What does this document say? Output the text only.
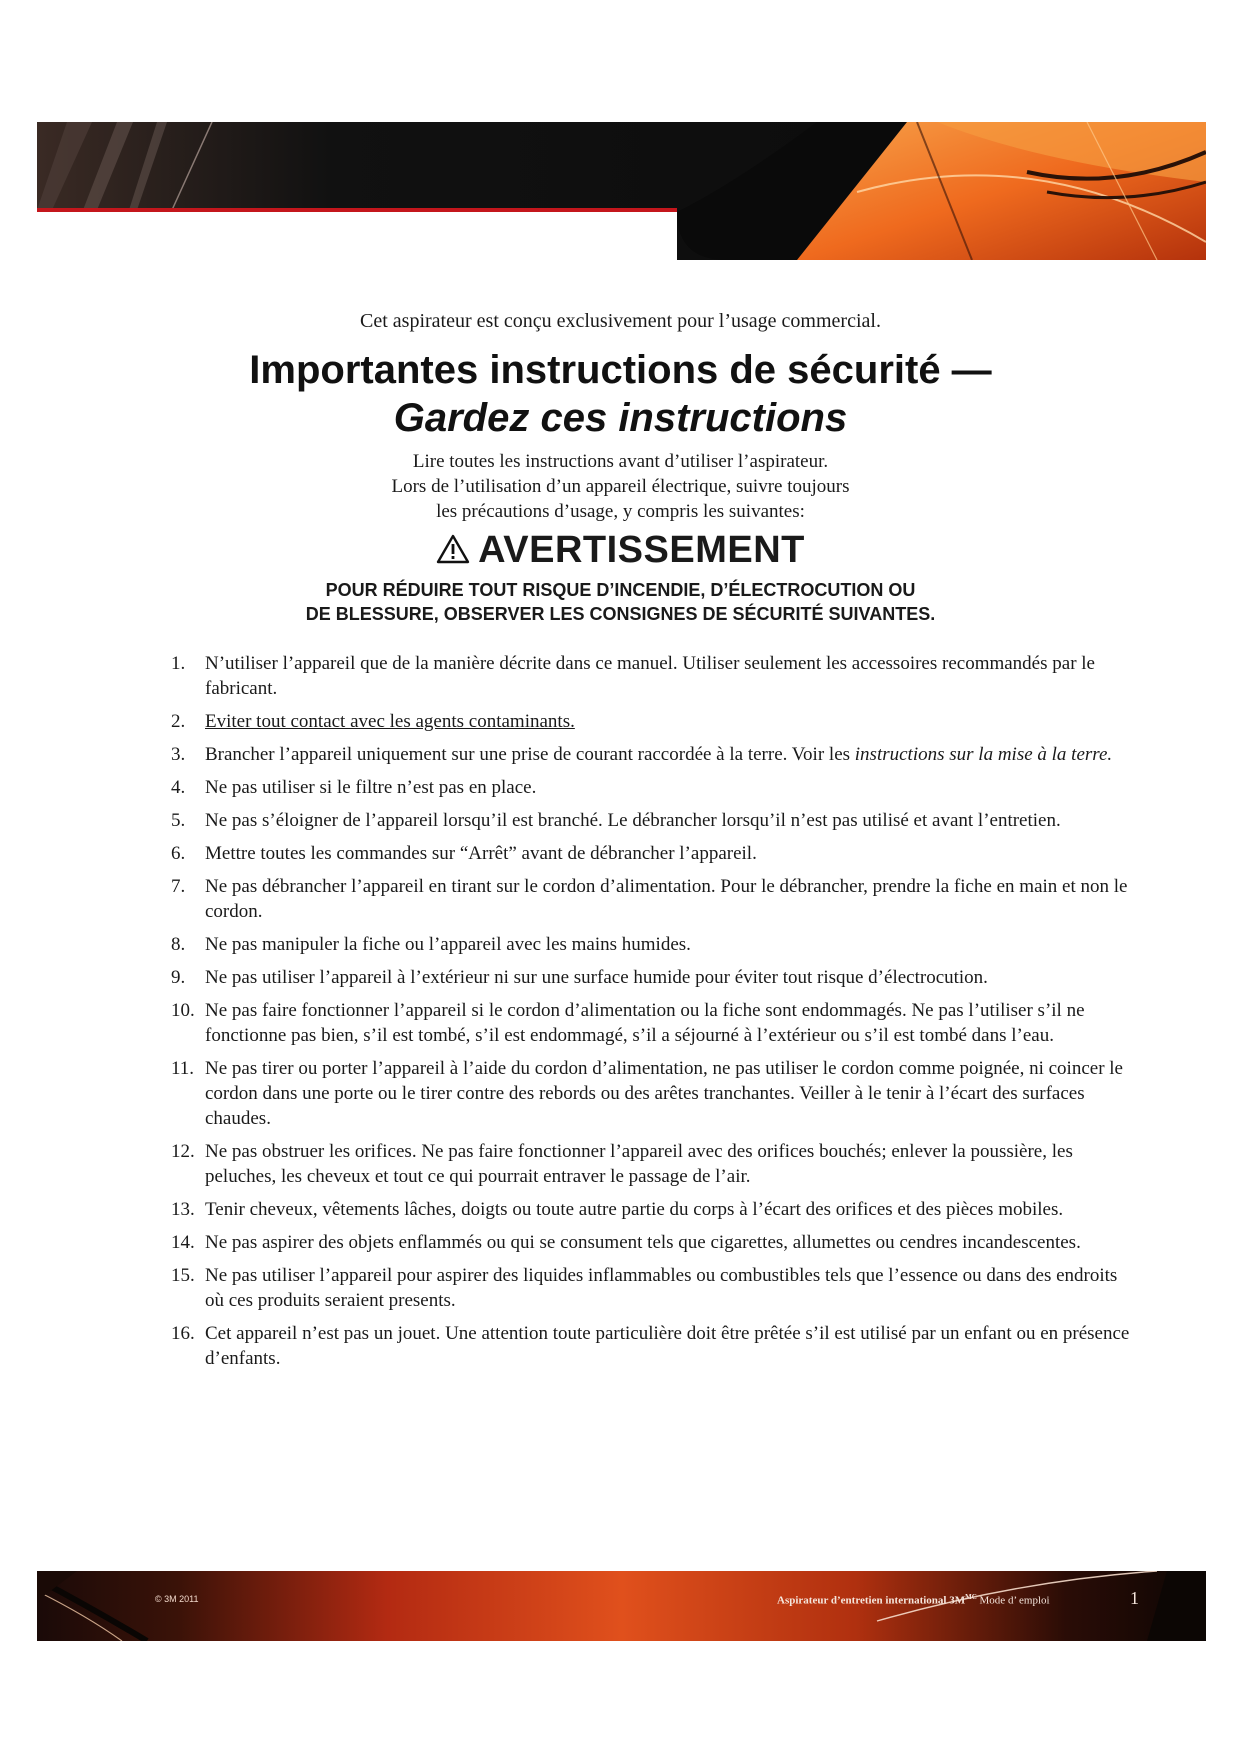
Cet aspirateur est conçu exclusivement pour l’usage commercial.
Importantes instructions de sécurité —
Gardez ces instructions
Lire toutes les instructions avant d’utiliser l’aspirateur.
Lors de l’utilisation d’un appareil électrique, suivre toujours
les précautions d’usage, y compris les suivantes:
AVERTISSEMENT
POUR RÉDUIRE TOUT RISQUE D’INCENDIE, D’ÉLECTROCUTION OU
DE BLESSURE, OBSERVER LES CONSIGNES DE SÉCURITÉ SUIVANTES.
1. N’utiliser l’appareil que de la manière décrite dans ce manuel. Utiliser seulement les accessoires recommandés par le fabricant.
2. Eviter tout contact avec les agents contaminants.
3. Brancher l’appareil uniquement sur une prise de courant raccordée à la terre. Voir les instructions sur la mise à la terre.
4. Ne pas utiliser si le filtre n’est pas en place.
5. Ne pas s’éloigner de l’appareil lorsqu’il est branché. Le débrancher lorsqu’il n’est pas utilisé et avant l’entretien.
6. Mettre toutes les commandes sur “Arrêt” avant de débrancher l’appareil.
7. Ne pas débrancher l’appareil en tirant sur le cordon d’alimentation. Pour le débrancher, prendre la fiche en main et non le cordon.
8. Ne pas manipuler la fiche ou l’appareil avec les mains humides.
9. Ne pas utiliser l’appareil à l’extérieur ni sur une surface humide pour éviter tout risque d’électrocution.
10. Ne pas faire fonctionner l’appareil si le cordon d’alimentation ou la fiche sont endommagés. Ne pas l’utiliser s’il ne fonctionne pas bien, s’il est tombé, s’il est endommagé, s’il a séjourné à l’extérieur ou s’il est tombé dans l’eau.
11. Ne pas tirer ou porter l’appareil à l’aide du cordon d’alimentation, ne pas utiliser le cordon comme poignée, ni coincer le cordon dans une porte ou le tirer contre des rebords ou des arêtes tranchantes. Veiller à le tenir à l’écart des surfaces chaudes.
12. Ne pas obstruer les orifices. Ne pas faire fonctionner l’appareil avec des orifices bouchés; enlever la poussière, les peluches, les cheveux et tout ce qui pourrait entraver le passage de l’air.
13. Tenir cheveux, vêtements lâches, doigts ou toute autre partie du corps à l’écart des orifices et des pièces mobiles.
14. Ne pas aspirer des objets enflammés ou qui se consument tels que cigarettes, allumettes ou cendres incandescentes.
15. Ne pas utiliser l’appareil pour aspirer des liquides inflammables ou combustibles tels que l’essence ou dans des endroits où ces produits seraient presents.
16. Cet appareil n’est pas un jouet. Une attention toute particulière doit être prêtée s’il est utilisé par un enfant ou en présence d’enfants.
© 3M 2011	Aspirateur d’entretien international $3M^{MC}$ Mode d’ emploi	1
